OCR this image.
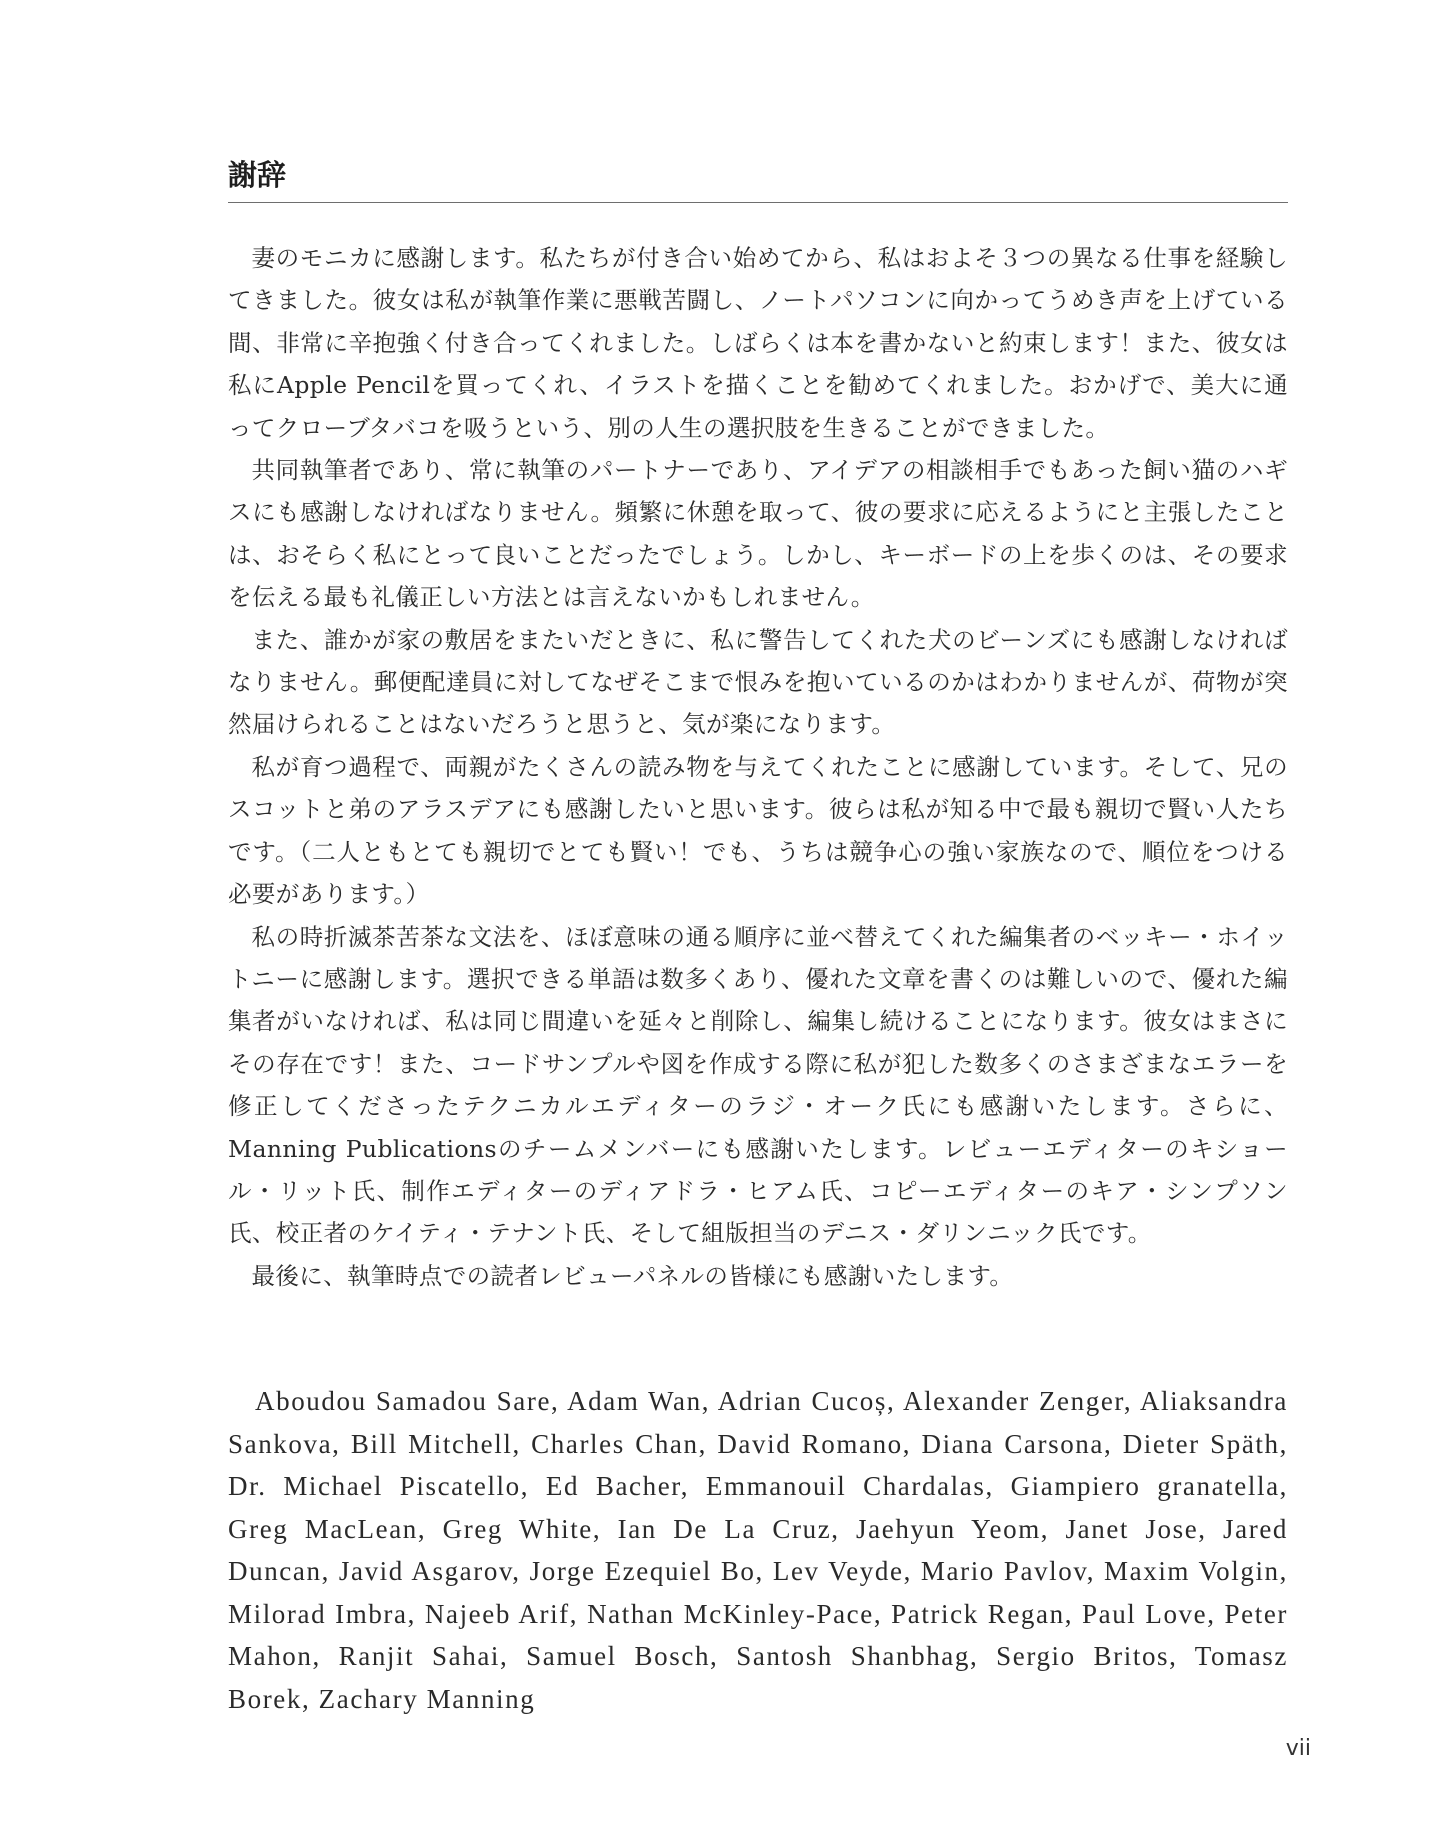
謝辞

妻のモニカに感謝します。私たちが付き合い始めてから、私はおよそ３つの異なる仕事を経験してきました。彼女は私が執筆作業に悪戦苦闘し、ノートパソコンに向かってうめき声を上げている間、非常に辛抱強く付き合ってくれました。しばらくは本を書かないと約束します！また、彼女は私にApple Pencilを買ってくれ、イラストを描くことを勧めてくれました。おかげで、美大に通ってクローブタバコを吸うという、別の人生の選択肢を生きることができました。

共同執筆者であり、常に執筆のパートナーであり、アイデアの相談相手でもあった飼い猫のハギスにも感謝しなければなりません。頻繁に休憩を取って、彼の要求に応えるようにと主張したことは、おそらく私にとって良いことだったでしょう。しかし、キーボードの上を歩くのは、その要求を伝える最も礼儀正しい方法とは言えないかもしれません。

また、誰かが家の敷居をまたいだときに、私に警告してくれた犬のビーンズにも感謝しなければなりません。郵便配達員に対してなぜそこまで恨みを抱いているのかはわかりませんが、荷物が突然届けられることはないだろうと思うと、気が楽になります。

私が育つ過程で、両親がたくさんの読み物を与えてくれたことに感謝しています。そして、兄のスコットと弟のアラスデアにも感謝したいと思います。彼らは私が知る中で最も親切で賢い人たちです。（二人ともとても親切でとても賢い！でも、うちは競争心の強い家族なので、順位をつける必要があります。）

私の時折滅茶苦茶な文法を、ほぼ意味の通る順序に並べ替えてくれた編集者のベッキー・ホイットニーに感謝します。選択できる単語は数多くあり、優れた文章を書くのは難しいので、優れた編集者がいなければ、私は同じ間違いを延々と削除し、編集し続けることになります。彼女はまさにその存在です！また、コードサンプルや図を作成する際に私が犯した数多くのさまざまなエラーを修正してくださったテクニカルエディターのラジ・オーク氏にも感謝いたします。さらに、Manning Publicationsのチームメンバーにも感謝いたします。レビューエディターのキショール・リット氏、制作エディターのディアドラ・ヒアム氏、コピーエディターのキア・シンプソン氏、校正者のケイティ・テナント氏、そして組版担当のデニス・ダリンニック氏です。

最後に、執筆時点での読者レビューパネルの皆様にも感謝いたします。

Aboudou Samadou Sare, Adam Wan, Adrian Cucoș, Alexander Zenger, Aliaksandra Sankova, Bill Mitchell, Charles Chan, David Romano, Diana Carsona, Dieter Späth, Dr. Michael Piscatello, Ed Bacher, Emmanouil Chardalas, Giampiero granatella, Greg MacLean, Greg White, Ian De La Cruz, Jaehyun Yeom, Janet Jose, Jared Duncan, Javid Asgarov, Jorge Ezequiel Bo, Lev Veyde, Mario Pavlov, Maxim Volgin, Milorad Imbra, Najeeb Arif, Nathan McKinley-Pace, Patrick Regan, Paul Love, Peter Mahon, Ranjit Sahai, Samuel Bosch, Santosh Shanbhag, Sergio Britos, Tomasz Borek, Zachary Manning

vii
